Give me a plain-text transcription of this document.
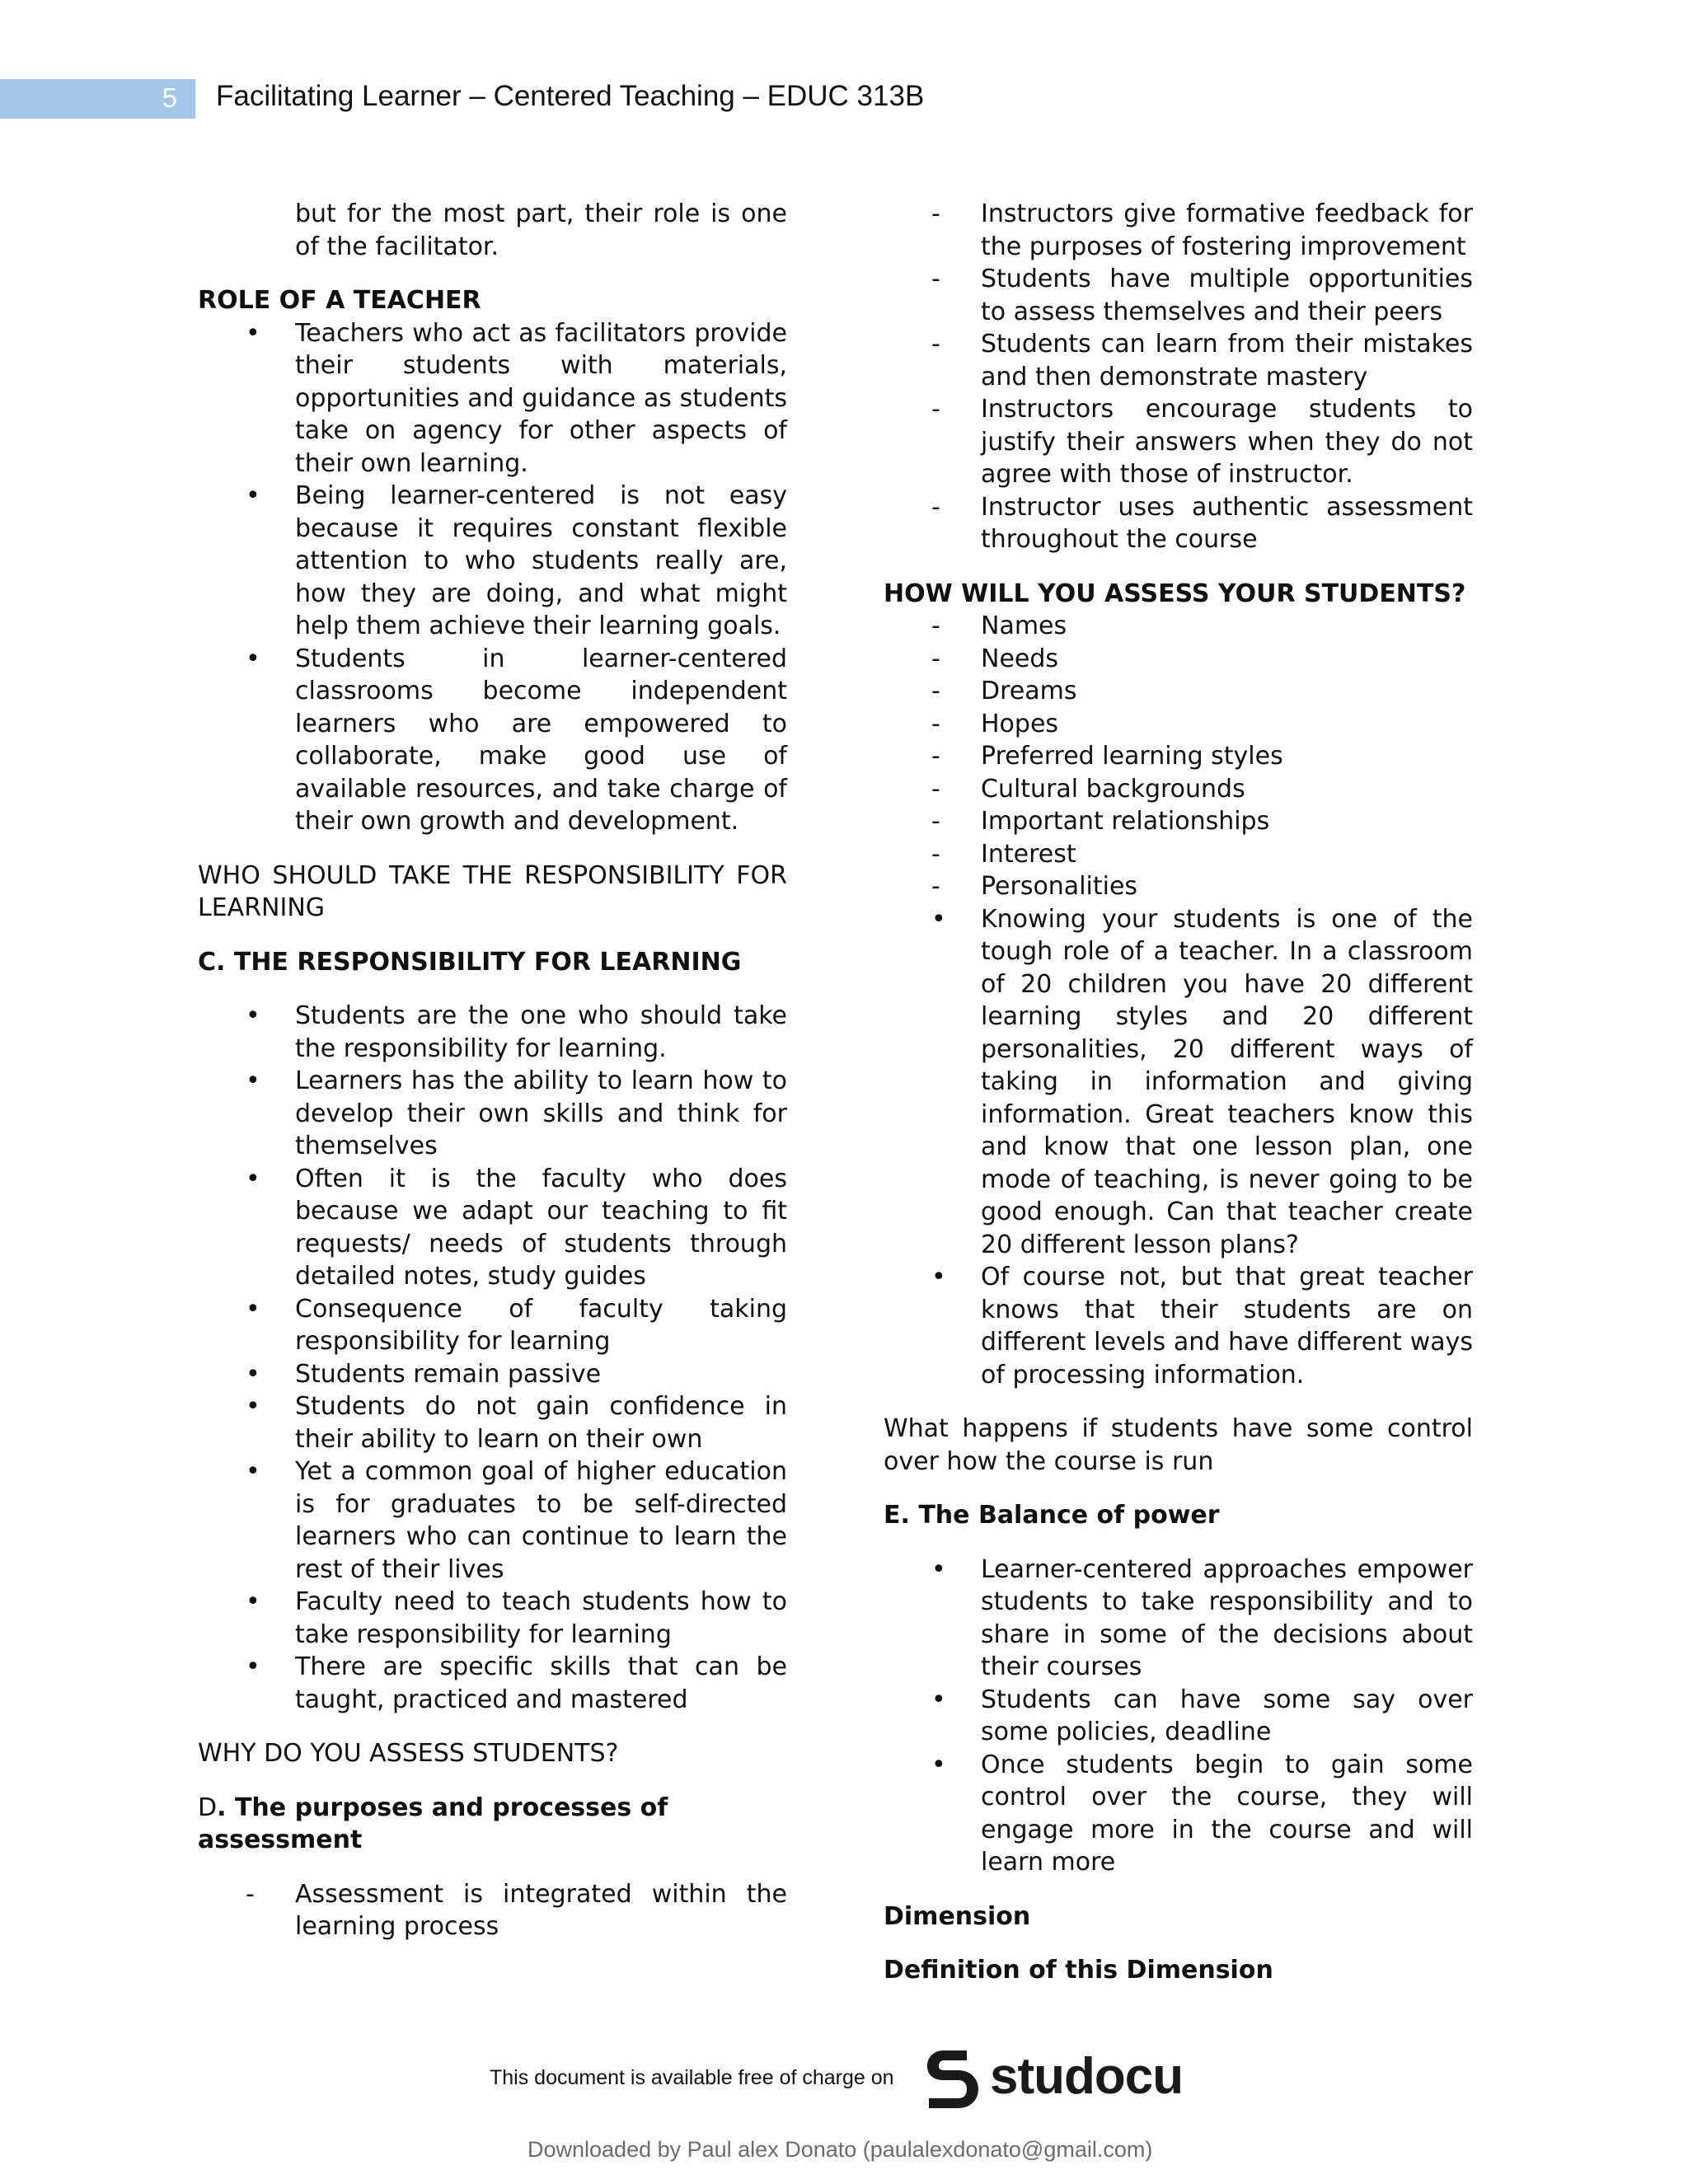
5 Facilitating Learner – Centered Teaching – EDUC 313B

but for the most part, their role is one of the facilitator.

ROLE OF A TEACHER

• Teachers who act as facilitators provide their students with materials, opportunities and guidance as students take on agency for other aspects of their own learning.

• Being learner-centered is not easy because it requires constant flexible attention to who students really are, how they are doing, and what might help them achieve their learning goals.

• Students in learner-centered classrooms become independent learners who are empowered to collaborate, make good use of available resources, and take charge of their own growth and development.

WHO SHOULD TAKE THE RESPONSIBILITY FOR LEARNING

C. THE RESPONSIBILITY FOR LEARNING

• Students are the one who should take the responsibility for learning.

• Learners has the ability to learn how to develop their own skills and think for themselves

• Often it is the faculty who does because we adapt our teaching to fit requests/ needs of students through detailed notes, study guides

• Consequence of faculty taking responsibility for learning

• Students remain passive

• Students do not gain confidence in their ability to learn on their own

• Yet a common goal of higher education is for graduates to be self-directed learners who can continue to learn the rest of their lives

• Faculty need to teach students how to take responsibility for learning

• There are specific skills that can be taught, practiced and mastered

WHY DO YOU ASSESS STUDENTS?

D. The purposes and processes of assessment

- Assessment is integrated within the learning process

- Instructors give formative feedback for the purposes of fostering improvement

- Students have multiple opportunities to assess themselves and their peers

- Students can learn from their mistakes and then demonstrate mastery

- Instructors encourage students to justify their answers when they do not agree with those of instructor.

- Instructor uses authentic assessment throughout the course

HOW WILL YOU ASSESS YOUR STUDENTS?

- Names

- Needs

- Dreams

- Hopes

- Preferred learning styles

- Cultural backgrounds

- Important relationships

- Interest

- Personalities

• Knowing your students is one of the tough role of a teacher. In a classroom of 20 children you have 20 different learning styles and 20 different personalities, 20 different ways of taking in information and giving information. Great teachers know this and know that one lesson plan, one mode of teaching, is never going to be good enough. Can that teacher create 20 different lesson plans?

• Of course not, but that great teacher knows that their students are on different levels and have different ways of processing information.

What happens if students have some control over how the course is run

E. The Balance of power

• Learner-centered approaches empower students to take responsibility and to share in some of the decisions about their courses

• Students can have some say over some policies, deadline

• Once students begin to gain some control over the course, they will engage more in the course and will learn more

Dimension

Definition of this Dimension

This document is available free of charge on studocu
Downloaded by Paul alex Donato (paulalexdonato@gmail.com)
